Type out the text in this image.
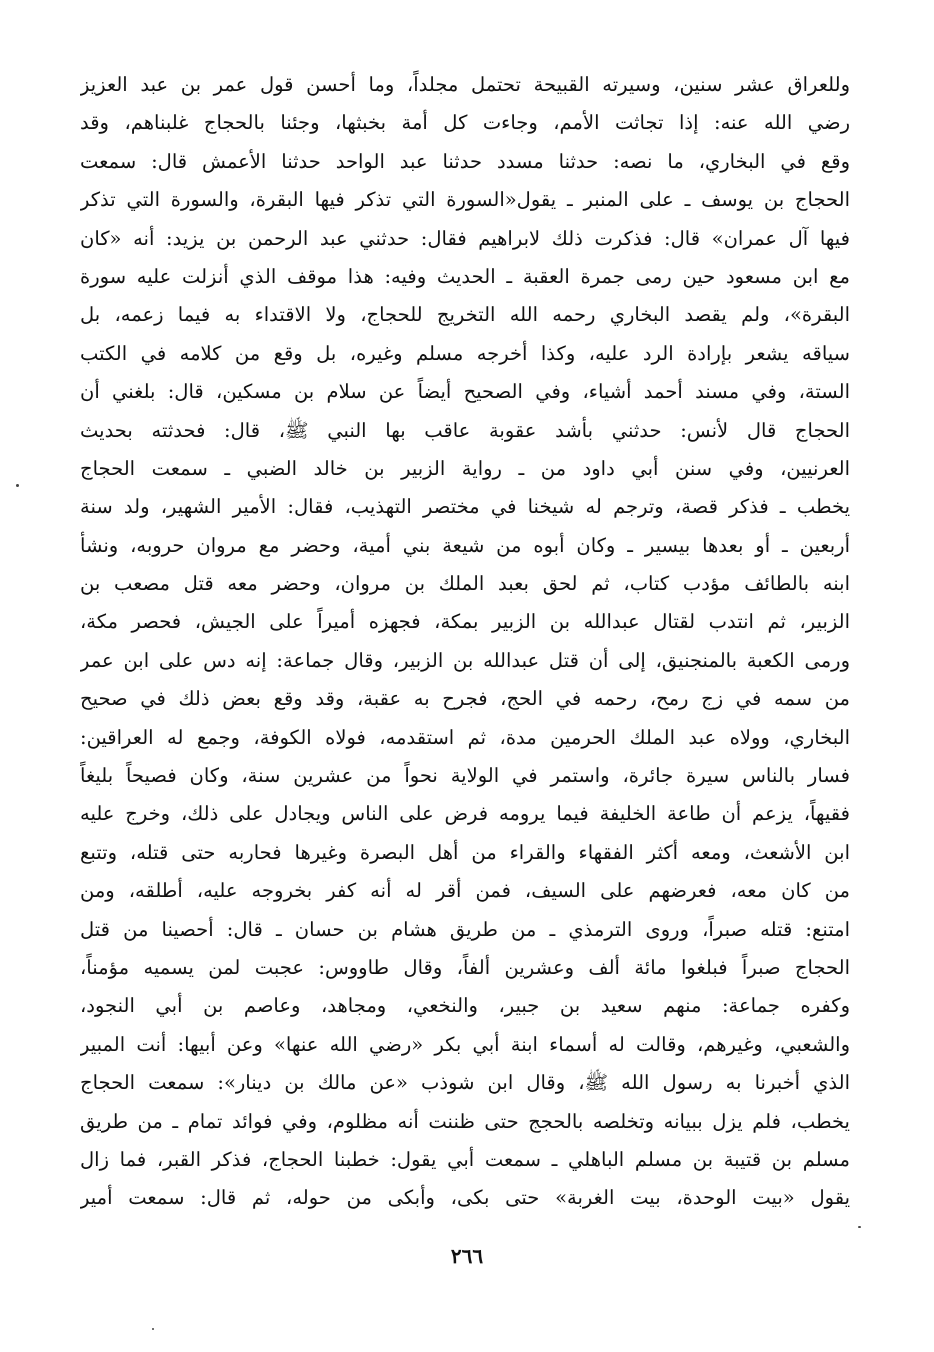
وللعراق عشر سنين، وسيرته القبيحة تحتمل مجلداً، وما أحسن قول عمر بن عبد العزيز
رضي الله عنه: إذا تجاثت الأمم، وجاءت كل أمة بخبثها، وجئنا بالحجاج غلبناهم، وقد
وقع في البخاري، ما نصه: حدثنا مسدد حدثنا عبد الواحد حدثنا الأعمش قال: سمعت
الحجاج بن يوسف ـ على المنبر ـ يقول«السورة التي تذكر فيها البقرة، والسورة التي تذكر
فيها آل عمران» قال: فذكرت ذلك لابراهيم فقال: حدثني عبد الرحمن بن يزيد: أنه «كان
مع ابن مسعود حين رمى جمرة العقبة ـ الحديث وفيه: هذا موقف الذي أنزلت عليه سورة
البقرة»، ولم يقصد البخاري رحمه الله التخريج للحجاج، ولا الاقتداء به فيما زعمه، بل
سياقه يشعر بإرادة الرد عليه، وكذا أخرجه مسلم وغيره، بل وقع من كلامه في الكتب
الستة، وفي مسند أحمد أشياء، وفي الصحيح أيضاً عن سلام بن مسكين، قال: بلغني أن
الحجاج قال لأنس: حدثني بأشد عقوبة عاقب بها النبي ﷺ، قال: فحدثته بحديث
العرنيين، وفي سنن أبي داود من ـ رواية الزبير بن خالد الضبي ـ سمعت الحجاج
يخطب ـ فذكر قصة، وترجم له شيخنا في مختصر التهذيب، فقال: الأمير الشهير، ولد سنة
أربعين ـ أو بعدها بيسير ـ وكان أبوه من شيعة بني أمية، وحضر مع مروان حروبه، ونشأ
ابنه بالطائف مؤدب كتاب، ثم لحق بعبد الملك بن مروان، وحضر معه قتل مصعب بن
الزبير، ثم انتدب لقتال عبدالله بن الزبير بمكة، فجهزه أميراً على الجيش، فحصر مكة،
ورمى الكعبة بالمنجنيق، إلى أن قتل عبدالله بن الزبير، وقال جماعة: إنه دس على ابن عمر
من سمه في زج رمح، رحمه في الحج، فجرح به عقبة، وقد وقع بعض ذلك في صحيح
البخاري، وولاه عبد الملك الحرمين مدة، ثم استقدمه، فولاه الكوفة، وجمع له العراقين:
فسار بالناس سيرة جائرة، واستمر في الولاية نحواً من عشرين سنة، وكان فصيحاً بليغاً
فقيهاً، يزعم أن طاعة الخليفة فيما يرومه فرض على الناس ويجادل على ذلك، وخرج عليه
ابن الأشعث، ومعه أكثر الفقهاء والقراء من أهل البصرة وغيرها فحاربه حتى قتله، وتتبع
من كان معه، فعرضهم على السيف، فمن أقر له أنه كفر بخروجه عليه، أطلقه، ومن
امتنع: قتله صبراً، وروى الترمذي ـ من طريق هشام بن حسان ـ قال: أحصينا من قتل
الحجاج صبراً فبلغوا مائة ألف وعشرين ألفاً، وقال طاووس: عجبت لمن يسميه مؤمناً،
وكفره جماعة: منهم سعيد بن جبير، والنخعي، ومجاهد، وعاصم بن أبي النجود،
والشعبي، وغيرهم، وقالت له أسماء ابنة أبي بكر «رضي الله عنها» وعن أبيها: أنت المبير
الذي أخبرنا به رسول الله ﷺ، وقال ابن شوذب «عن مالك بن دينار»: سمعت الحجاج
يخطب، فلم يزل ببيانه وتخلصه بالحجج حتى ظننت أنه مظلوم، وفي فوائد تمام ـ من طريق
مسلم بن قتيبة بن مسلم الباهلي ـ سمعت أبي يقول: خطبنا الحجاج، فذكر القبر، فما زال
يقول «بيت الوحدة، بيت الغربة» حتى بكى، وأبكى من حوله، ثم قال: سمعت أمير
٢٦٦
